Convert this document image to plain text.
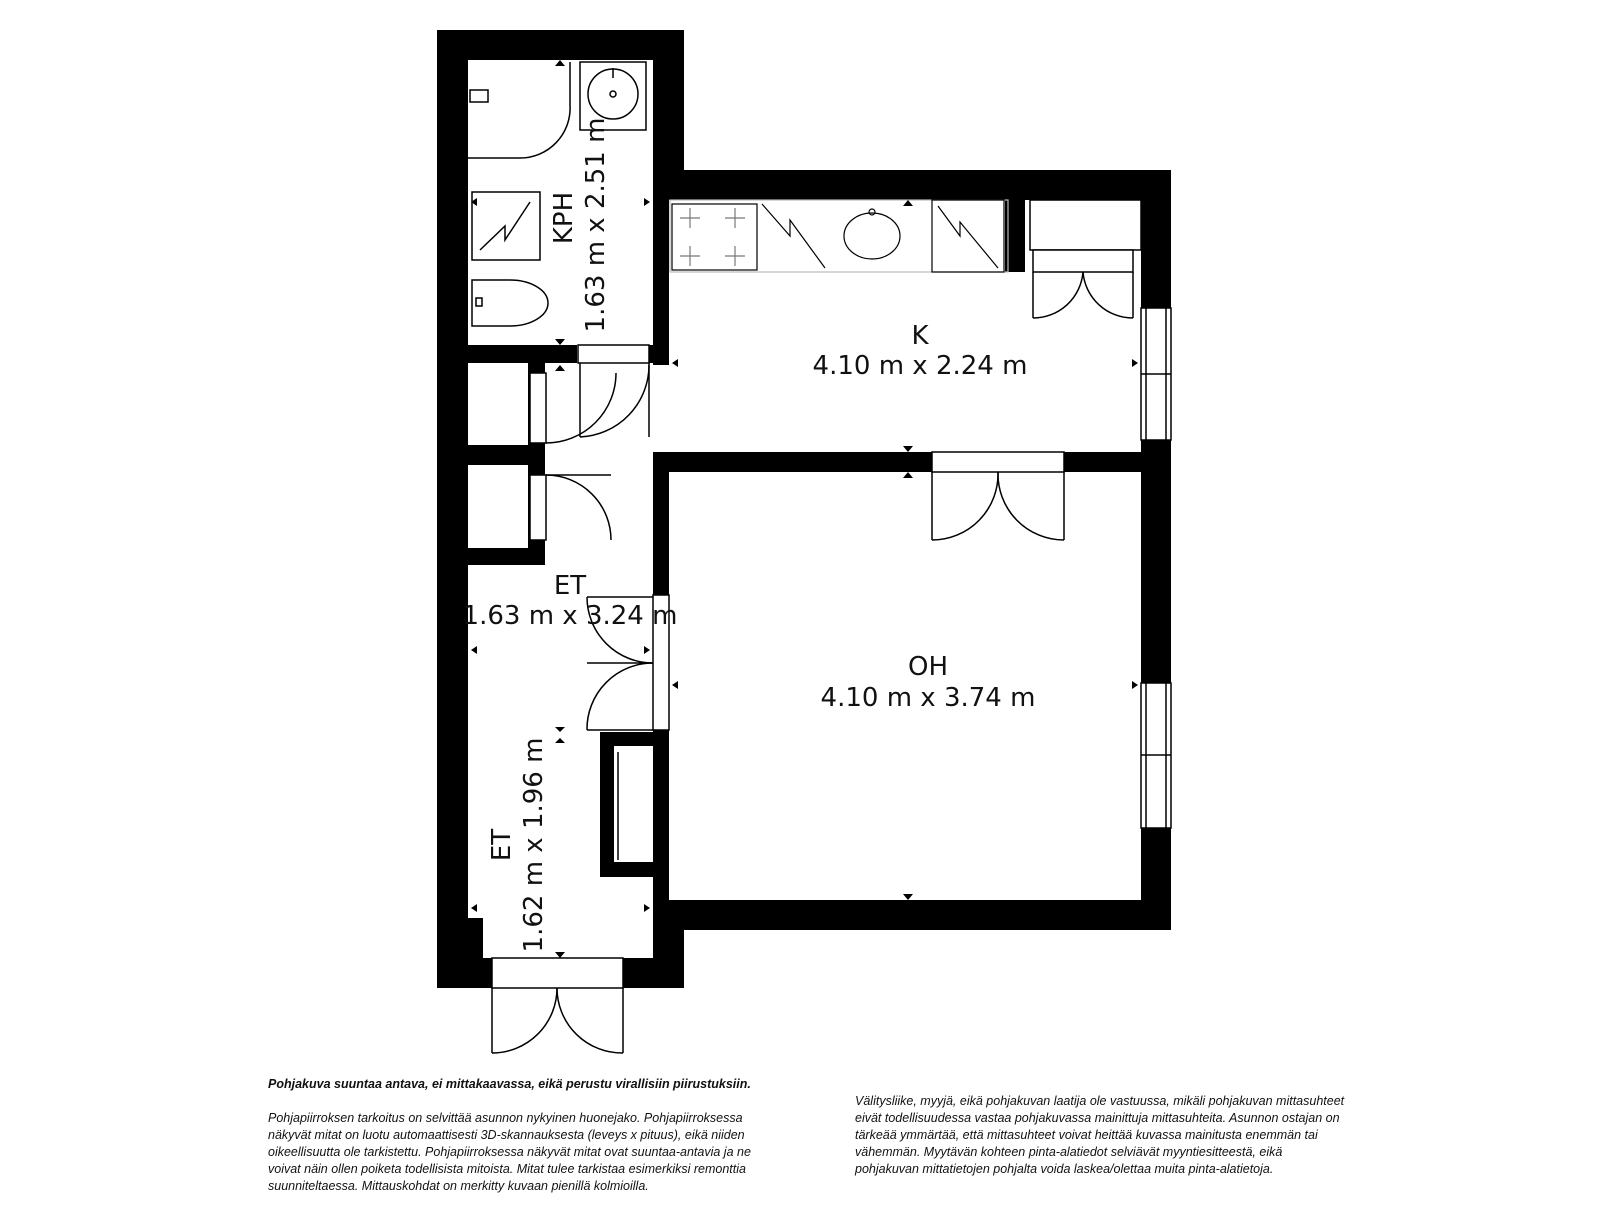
KPH 1.63 m x 2.51 m
K
4.10 m x 2.24 m
ET
1.63 m x 3.24 m
OH
4.10 m x 3.74 m
ET 1.62 m x 1.96 m

Pohjakuva suuntaa antava, ei mittakaavassa, eikä perustu virallisiin piirustuksiin.

Pohjapiirroksen tarkoitus on selvittää asunnon nykyinen huonejako. Pohjapiirroksessa näkyvät mitat on luotu automaattisesti 3D-skannauksesta (leveys x pituus), eikä niiden oikeellisuutta ole tarkistettu. Pohjapiirroksessa näkyvät mitat ovat suuntaa-antavia ja ne voivat näin ollen poiketa todellisista mitoista. Mitat tulee tarkistaa esimerkiksi remonttia suunniteltaessa. Mittauskohdat on merkitty kuvaan pienillä kolmioilla.

Välitysliike, myyjä, eikä pohjakuvan laatija ole vastuussa, mikäli pohjakuvan mittasuhteet eivät todellisuudessa vastaa pohjakuvassa mainittuja mittasuhteita. Asunnon ostajan on tärkeää ymmärtää, että mittasuhteet voivat heittää kuvassa mainitusta enemmän tai vähemmän. Myytävän kohteen pinta-alatiedot selviävät myyntiesitteestä, eikä pohjakuvan mittatietojen pohjalta voida laskea/olettaa muita pinta-alatietoja.
